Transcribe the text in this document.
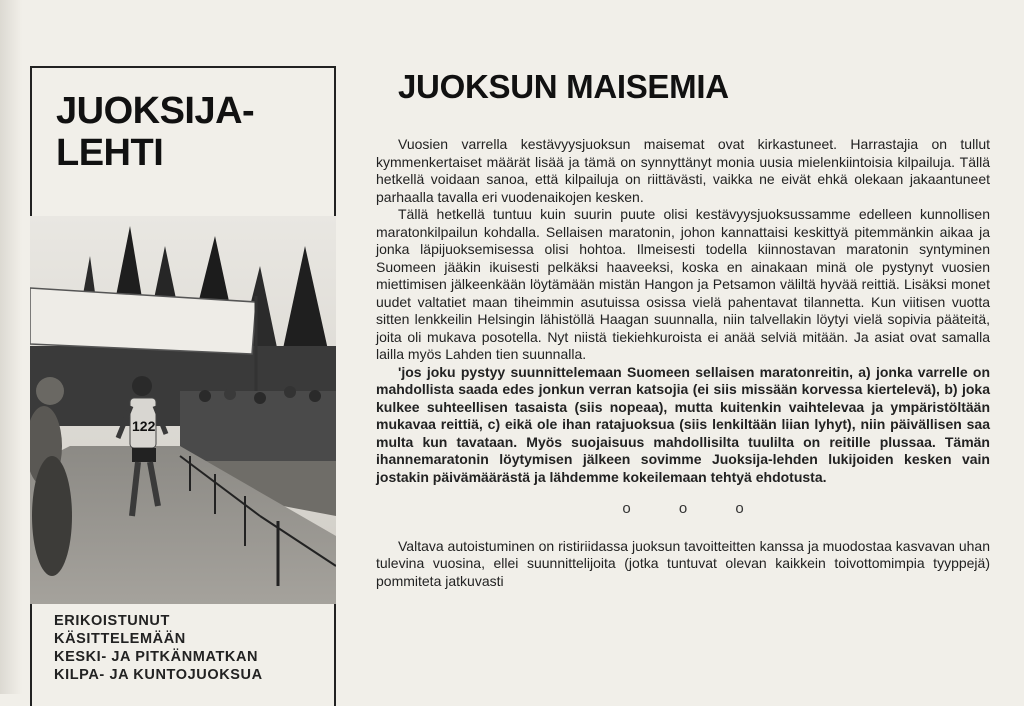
JUOKSIJA-
LEHTI
122
ERIKOISTUNUT
KÄSITTELEMÄÄN
KESKI- JA PITKÄNMATKAN
KILPA- JA KUNTOJUOKSUA
JUOKSUN MAISEMIA

Vuosien varrella kestävyysjuoksun maisemat ovat kirkastuneet. Harrastajia on tullut kymmenkertaiset määrät lisää ja tämä on synnyttänyt monia uusia mielenkiintoisia kilpailuja. Tällä hetkellä voidaan sanoa, että kilpailuja on riittävästi, vaikka ne eivät ehkä olekaan jakaantuneet parhaalla tavalla eri vuodenaikojen kesken.

Tällä hetkellä tuntuu kuin suurin puute olisi kestävyysjuoksussamme edelleen kunnollisen maratonkilpailun kohdalla. Sellaisen maratonin, johon kannattaisi keskittyä pitemmänkin aikaa ja jonka läpijuoksemisessa olisi hohtoa. Ilmeisesti todella kiinnostavan maratonin syntyminen Suomeen jääkin ikuisesti pelkäksi haaveeksi, koska en ainakaan minä ole pystynyt vuosien miettimisen jälkeenkään löytämään mistän Hangon ja Petsamon väliltä hyvää reittiä. Lisäksi monet uudet valtatiet maan tiheimmin asutuissa osissa vielä pahentavat tilannetta. Kun viitisen vuotta sitten lenkkeilin Helsingin lähistöllä Haagan suunnalla, niin talvellakin löytyi vielä sopivia pääteitä, joita oli mukava posotella. Nyt niistä tiekiehkuroista ei anää selviä mitään. Ja asiat ovat samalla lailla myös Lahden tien suunnalla.

'jos joku pystyy suunnittelemaan Suomeen sellaisen maratonreitin, a) jonka varrelle on mahdollista saada edes jonkun verran katsojia (ei siis missään korvessa kiertelevä), b) joka kulkee suhteellisen tasaista (siis nopeaa), mutta kuitenkin vaihtelevaa ja ympäristöltään mukavaa reittiä, c) eikä ole ihan ratajuoksua (siis lenkiltään liian lyhyt), niin päivällisen saa multa kun tavataan. Myös suojaisuus mahdollisilta tuulilta on reitille plussaa. Tämän ihannemaratonin löytymisen jälkeen sovimme Juoksija-lehden lukijoiden kesken vain jostakin päivämäärästä ja lähdemme kokeilemaan tehtyä ehdotusta.

o o o

Valtava autoistuminen on ristiriidassa juoksun tavoitteitten kanssa ja muodostaa kasvavan uhan tulevina vuosina, ellei suunnittelijoita (jotka tuntuvat olevan kaikkein toivottomimpia tyyppejä) pommiteta jatkuvasti
